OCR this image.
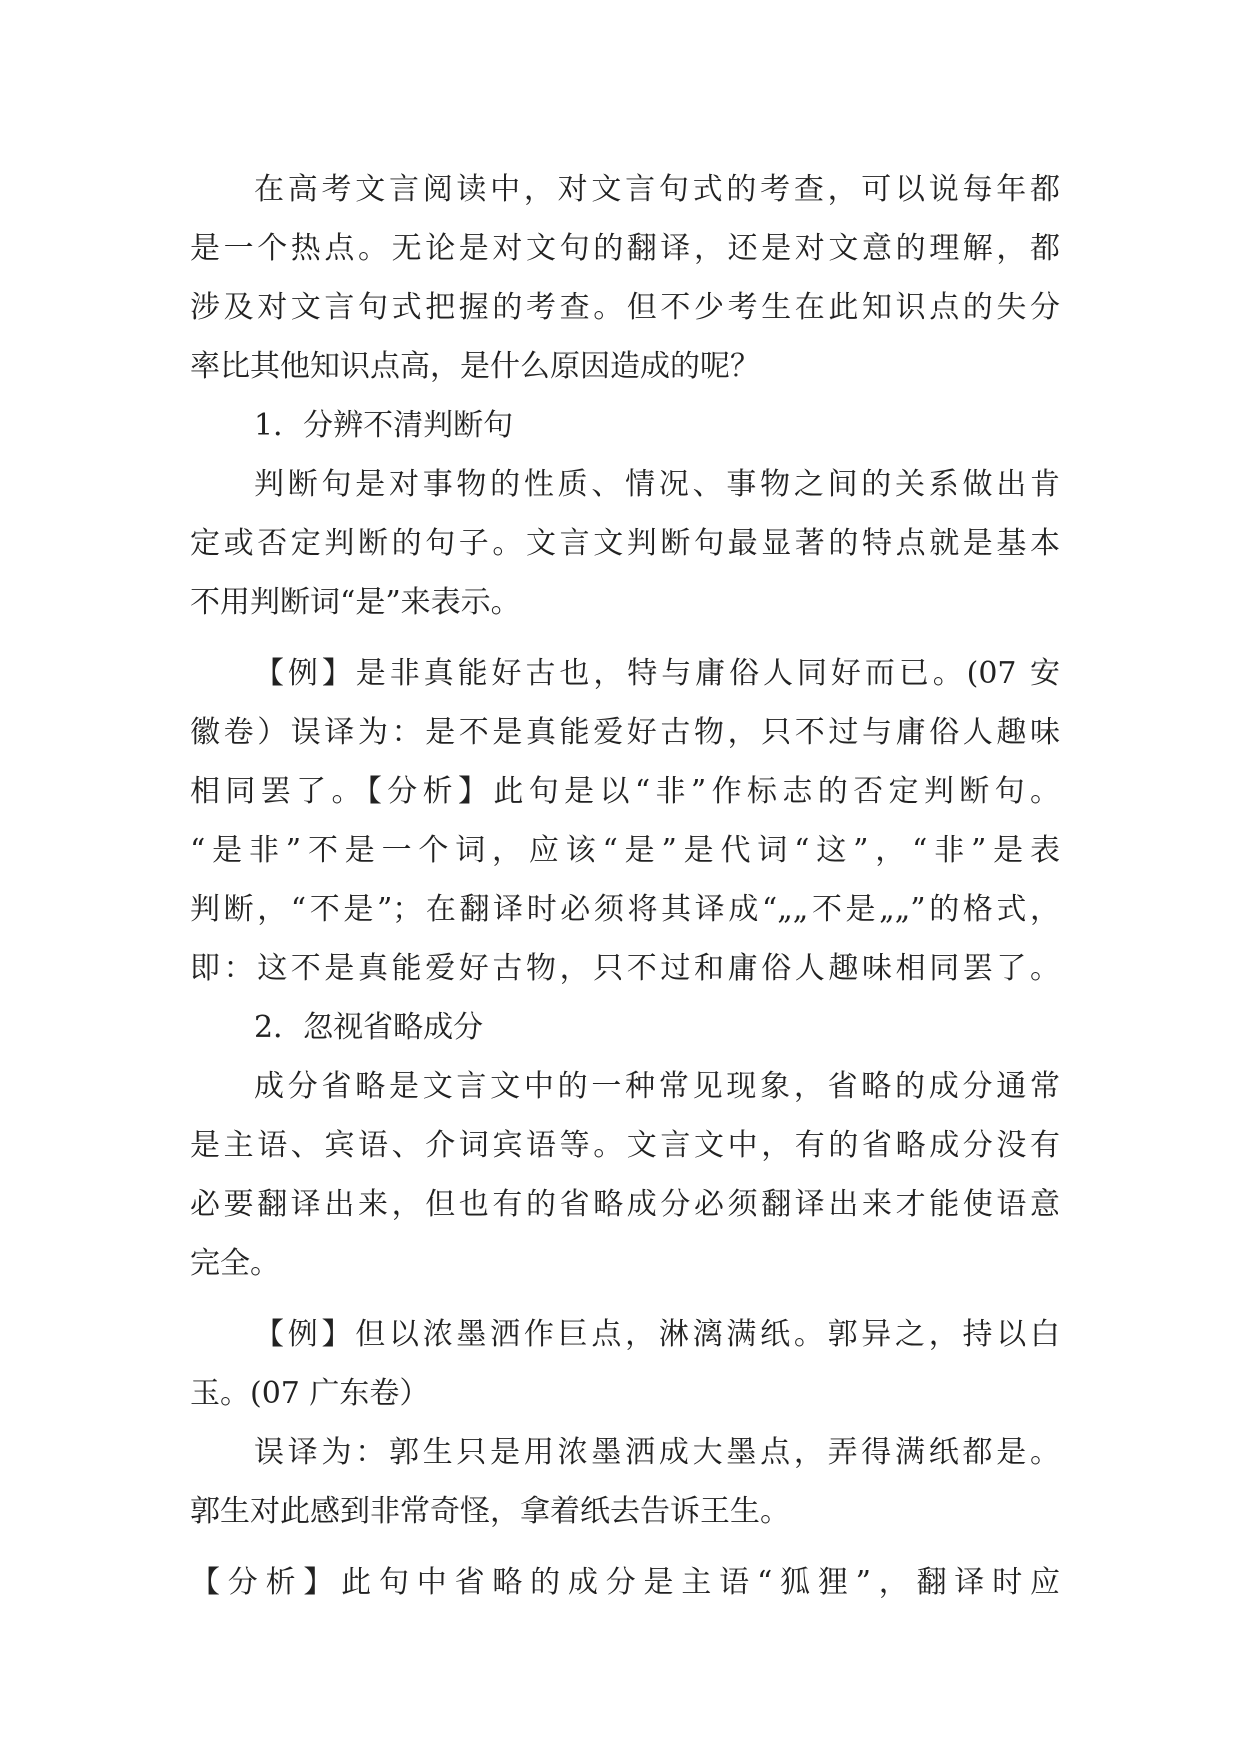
在高考文言阅读中，对文言句式的考查，可以说每年都
是一个热点。无论是对文句的翻译，还是对文意的理解，都
涉及对文言句式把握的考查。但不少考生在此知识点的失分
率比其他知识点高，是什么原因造成的呢？
1．分辨不清判断句
判断句是对事物的性质、情况、事物之间的关系做出肯
定或否定判断的句子。文言文判断句最显著的特点就是基本
不用判断词“是”来表示。
【例】是非真能好古也，特与庸俗人同好而已。(07 安
徽卷）误译为：是不是真能爱好古物，只不过与庸俗人趣味
相同罢了。【分析】此句是以“非”作标志的否定判断句。
“是非”不是一个词，应该“是”是代词“这”，“非”是表
判断，“不是”；在翻译时必须将其译成“„„不是„„”的格式，
即：这不是真能爱好古物，只不过和庸俗人趣味相同罢了。
2．忽视省略成分
成分省略是文言文中的一种常见现象，省略的成分通常
是主语、宾语、介词宾语等。文言文中，有的省略成分没有
必要翻译出来，但也有的省略成分必须翻译出来才能使语意
完全。
【例】但以浓墨洒作巨点，淋漓满纸。郭异之，持以白
玉。(07 广东卷）
误译为：郭生只是用浓墨洒成大墨点，弄得满纸都是。
郭生对此感到非常奇怪，拿着纸去告诉王生。
【分析】此句中省略的成分是主语“狐狸”，翻译时应
